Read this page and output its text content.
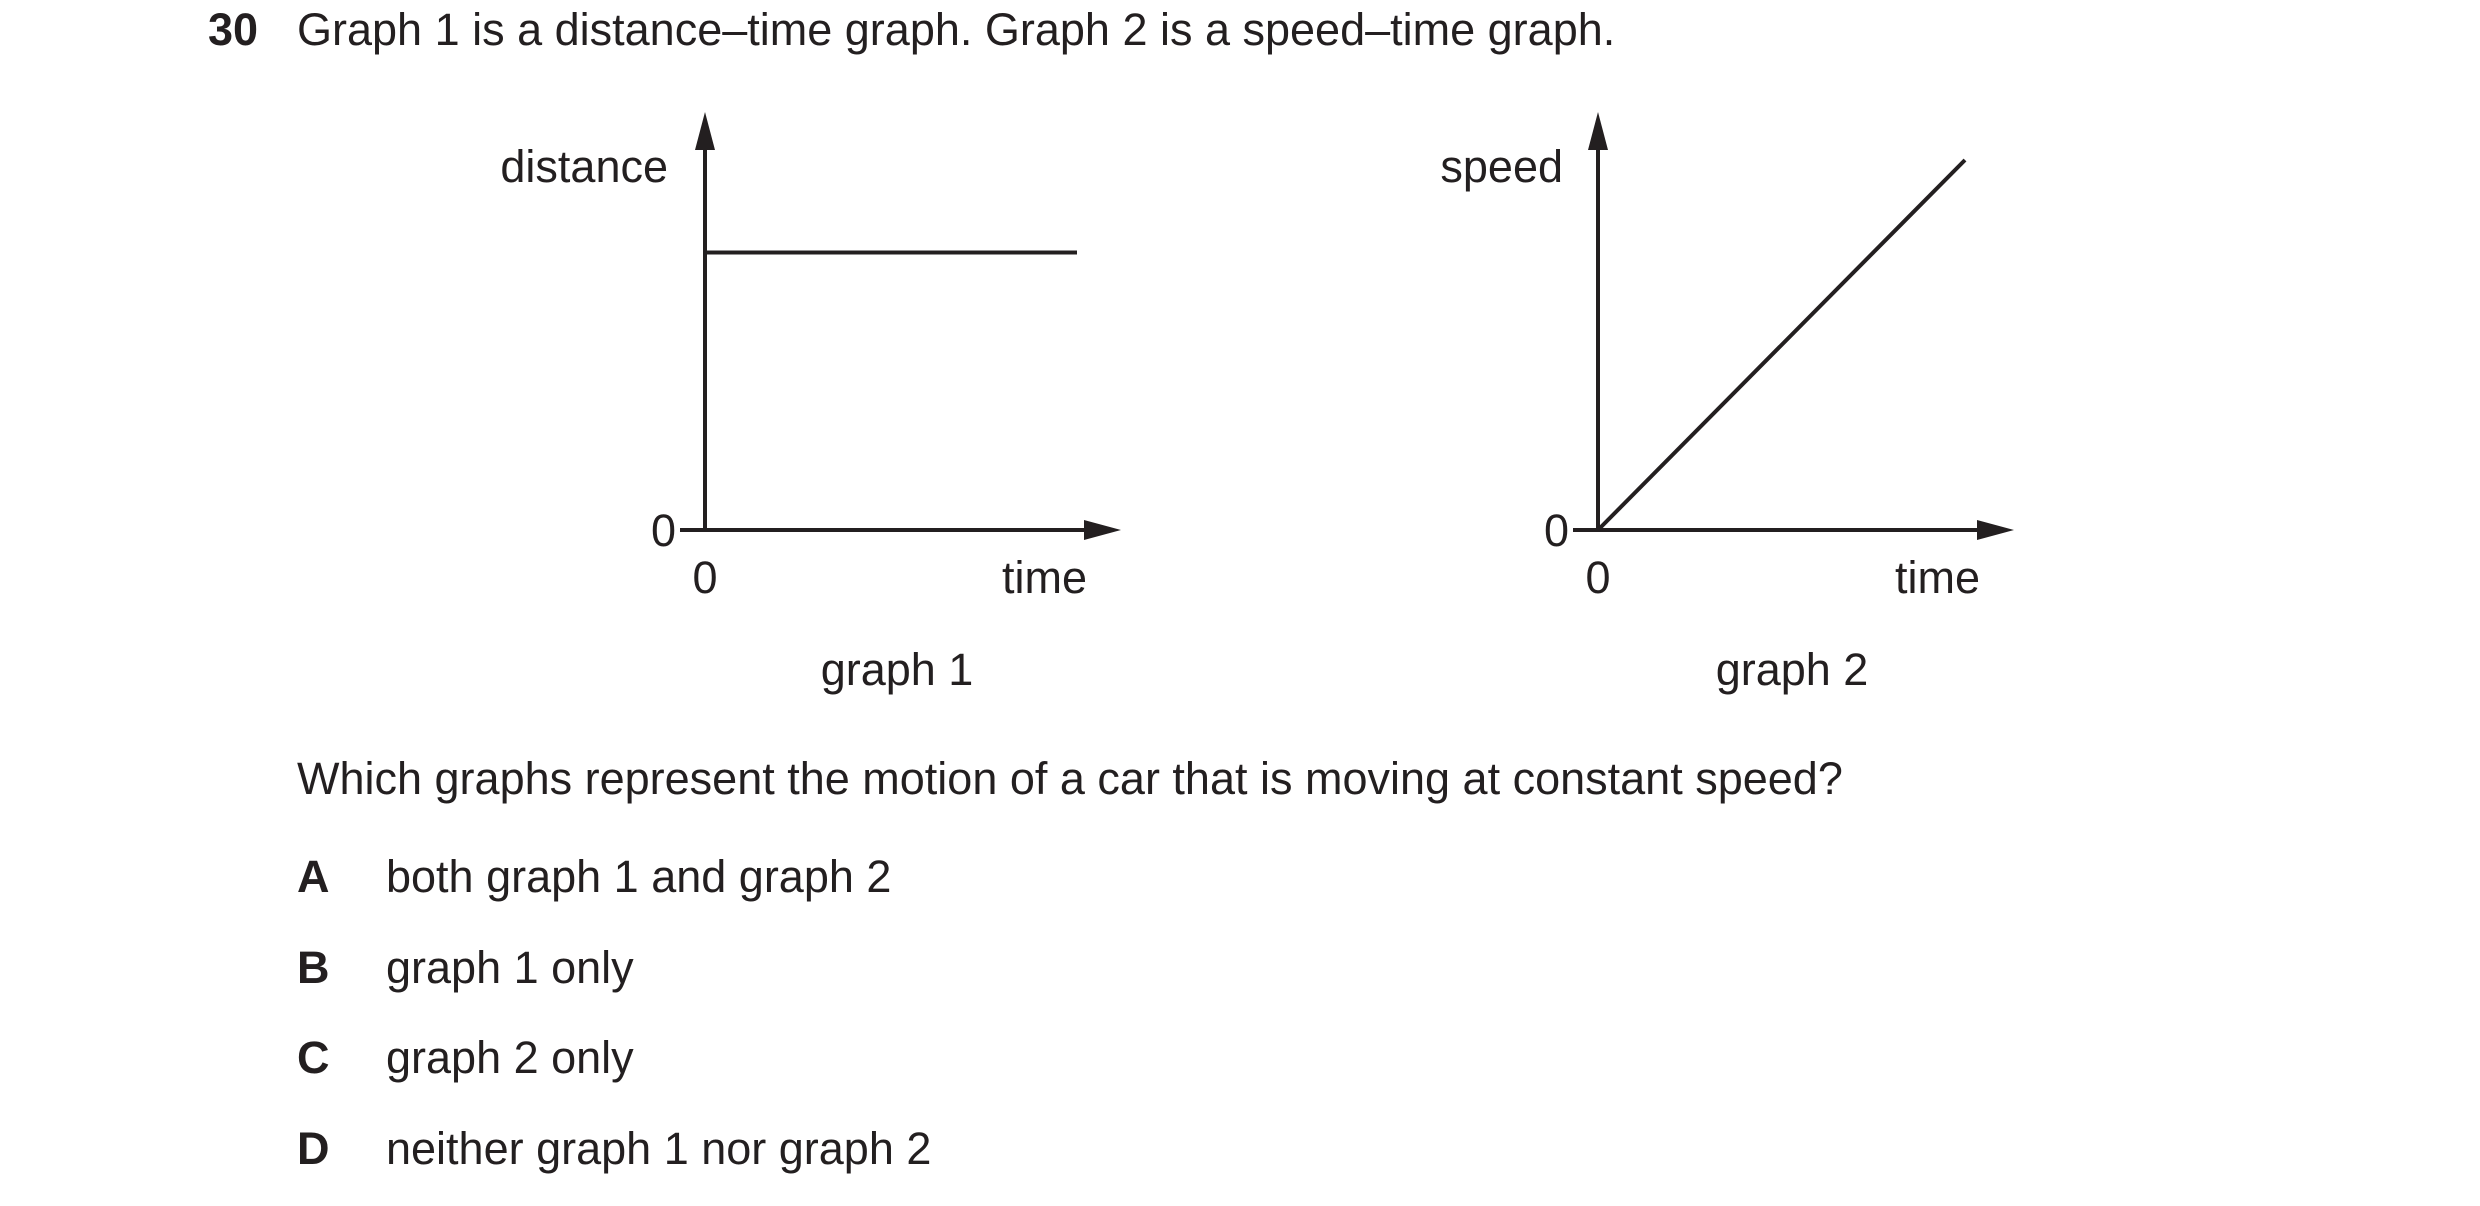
30 Graph 1 is a distance–time graph. Graph 2 is a speed–time graph.
distance
0
0	time
graph 1
speed
0
0	time
graph 2
Which graphs represent the motion of a car that is moving at constant speed?
A both graph 1 and graph 2
B graph 1 only
C graph 2 only
D neither graph 1 nor graph 2
